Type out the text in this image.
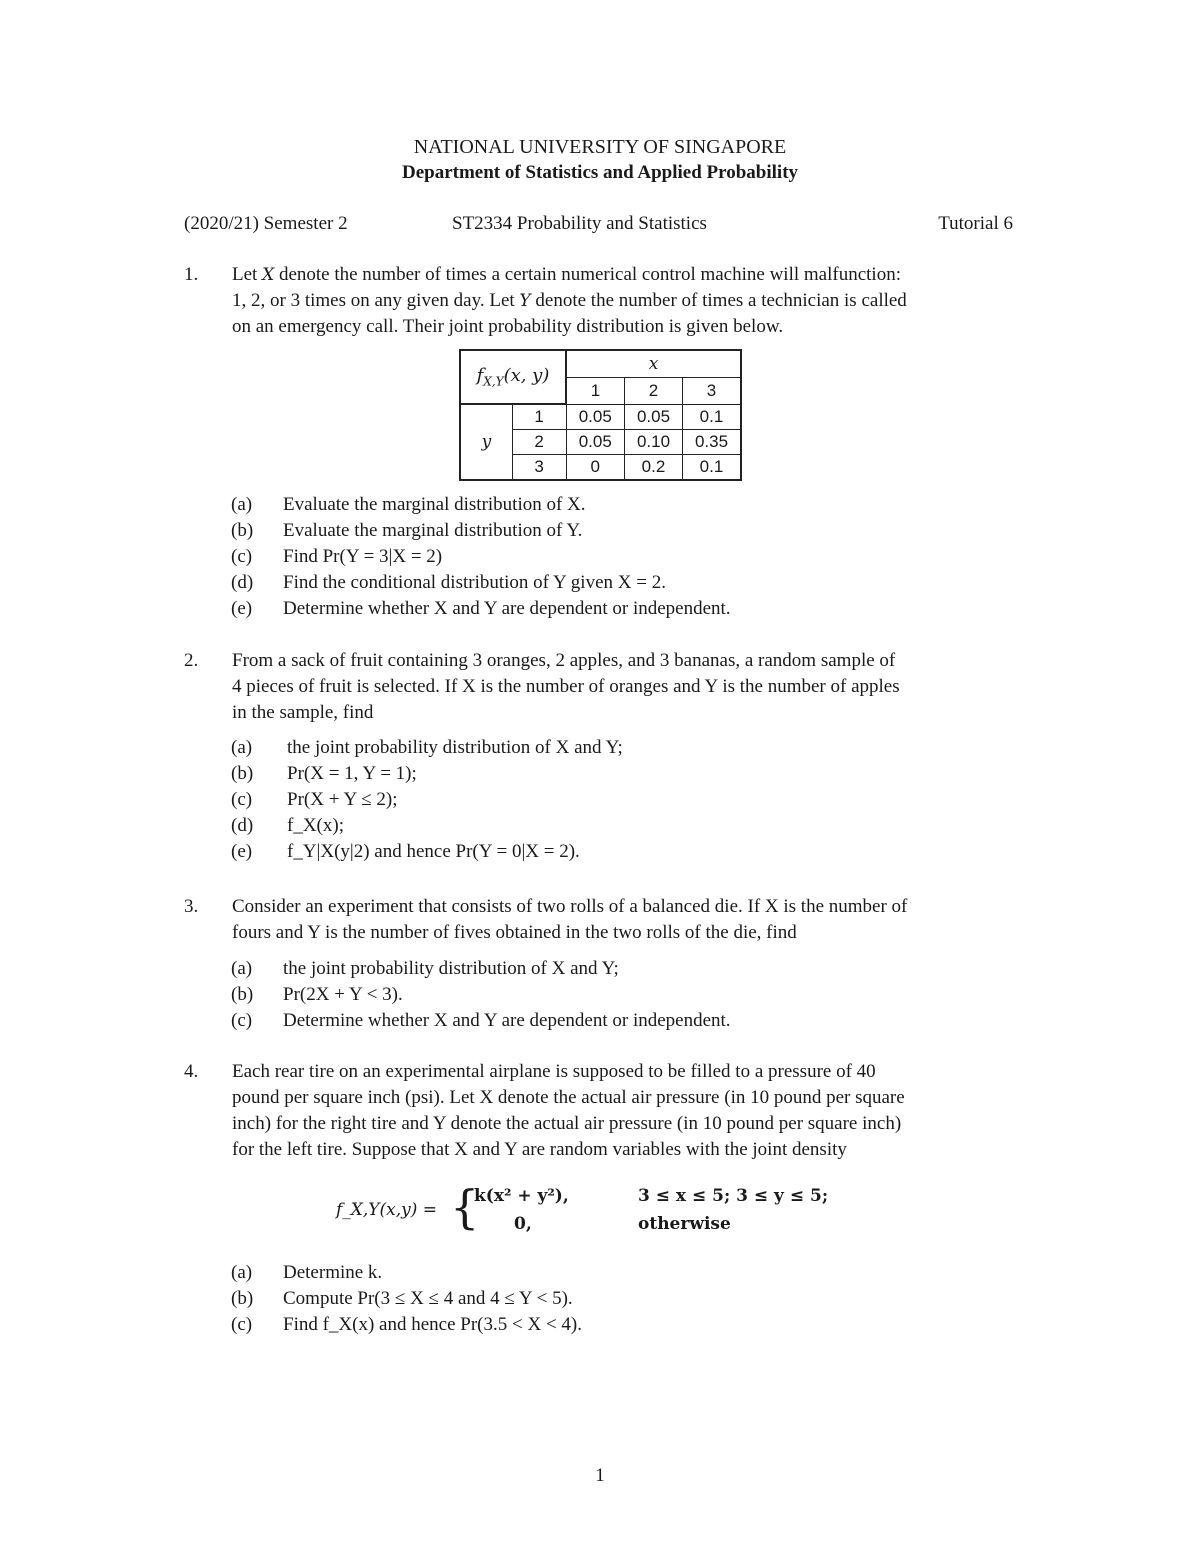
NATIONAL UNIVERSITY OF SINGAPORE
Department of Statistics and Applied Probability
(2020/21) Semester 2	ST2334 Probability and Statistics	Tutorial 6
1. Let X denote the number of times a certain numerical control machine will malfunction:
1, 2, or 3 times on any given day. Let Y denote the number of times a technician is called
on an emergency call. Their joint probability distribution is given below.
$f_{X,Y}(x$, y)		x		
		1	2	3
y	1	0.05	0.05	0.1
	2	0.05	0.10	0.35
	3	0	0.2	0.1
(a) Evaluate the marginal distribution of X.
(b) Evaluate the marginal distribution of Y.
(c) Find Pr(Y = 3|X = 2)
(d) Find the conditional distribution of Y given X = 2.
(e) Determine whether X and Y are dependent or independent.
2. From a sack of fruit containing 3 oranges, 2 apples, and 3 bananas, a random sample of
4 pieces of fruit is selected. If X is the number of oranges and Y is the number of apples
in the sample, find
(a) the joint probability distribution of X and Y;
(b) Pr(X = 1, Y = 1);
(c) Pr(X + Y ≤ 2);
(d) f_X(x);
(e) f_Y|X(y|2) and hence Pr(Y = 0|X = 2).
3. Consider an experiment that consists of two rolls of a balanced die. If X is the number of
fours and Y is the number of fives obtained in the two rolls of the die, find
(a) the joint probability distribution of X and Y;
(b) Pr(2X + Y < 3).
(c) Determine whether X and Y are dependent or independent.
4. Each rear tire on an experimental airplane is supposed to be filled to a pressure of 40
pound per square inch (psi). Let X denote the actual air pressure (in 10 pound per square
inch) for the right tire and Y denote the actual air pressure (in 10 pound per square inch)
for the left tire. Suppose that X and Y are random variables with the joint density
f_X,Y(x,y) = {
k(x² + y²),	3 ≤ x ≤ 5; 3 ≤ y ≤ 5;
0,	otherwise
(a) Determine k.
(b) Compute Pr(3 ≤ X ≤ 4 and 4 ≤ Y < 5).
(c) Find f_X(x) and hence Pr(3.5 < X < 4).
1
